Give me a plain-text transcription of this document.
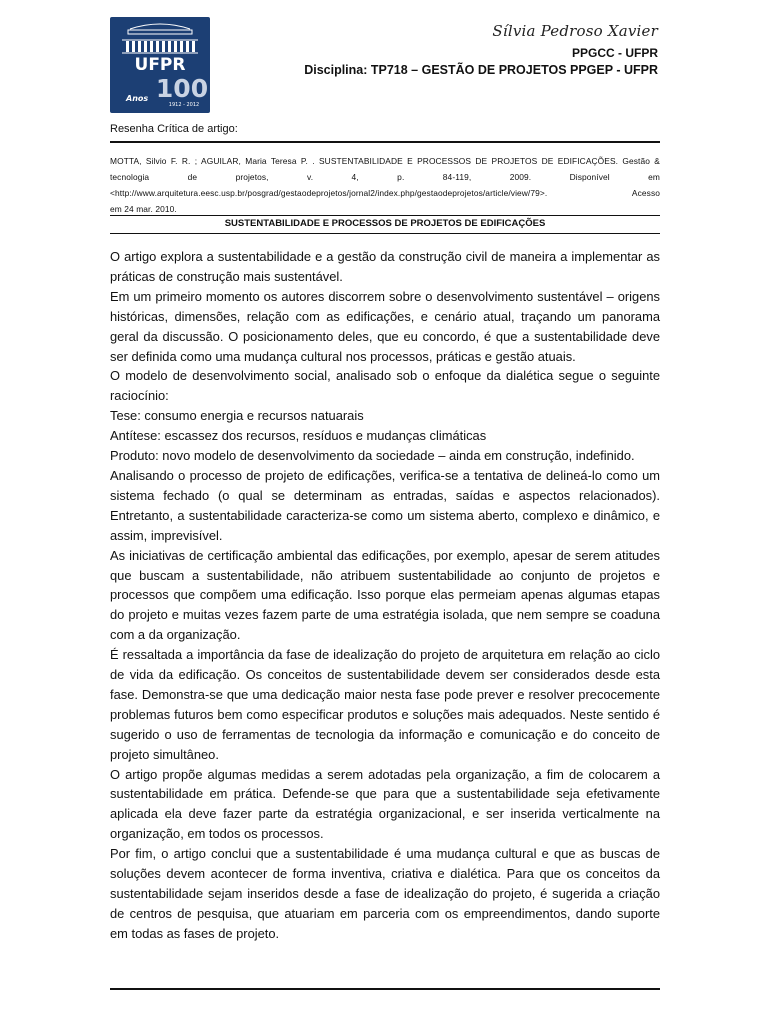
UFPR
100
Anos
1912 - 2012
Sílvia Pedroso Xavier
PPGCC - UFPR
Disciplina: TP718 – GESTÃO DE PROJETOS PPGEP - UFPR
Resenha Crítica de artigo:
MOTTA, Silvio F. R. ; AGUILAR, Maria Teresa P. . SUSTENTABILIDADE E PROCESSOS DE PROJETOS DE EDIFICAÇÕES. Gestão &
tecnologia de projetos, v. 4, p. 84-119, 2009. Disponível em
<http://www.arquitetura.eesc.usp.br/posgrad/gestaodeprojetos/jornal2/index.php/gestaodeprojetos/article/view/79>. Acesso
em 24 mar. 2010.
SUSTENTABILIDADE E PROCESSOS DE PROJETOS DE EDIFICAÇÕES

O artigo explora a sustentabilidade e a gestão da construção civil de maneira a implementar as práticas de construção mais sustentável.

Em um primeiro momento os autores discorrem sobre o desenvolvimento sustentável – origens históricas, dimensões, relação com as edificações, e cenário atual, traçando um panorama geral da discussão. O posicionamento deles, que eu concordo, é que a sustentabilidade deve ser definida como uma mudança cultural nos processos, práticas e gestão atuais.

O modelo de desenvolvimento social, analisado sob o enfoque da dialética segue o seguinte raciocínio:

Tese: consumo energia e recursos natuarais

Antítese: escassez dos recursos, resíduos e mudanças climáticas

Produto: novo modelo de desenvolvimento da sociedade – ainda em construção, indefinido.

Analisando o processo de projeto de edificações, verifica-se a tentativa de delineá-lo como um sistema fechado (o qual se determinam as entradas, saídas e aspectos relacionados). Entretanto, a sustentabilidade caracteriza-se como um sistema aberto, complexo e dinâmico, e assim, imprevisível.

As iniciativas de certificação ambiental das edificações, por exemplo, apesar de serem atitudes que buscam a sustentabilidade, não atribuem sustentabilidade ao conjunto de projetos e processos que compõem uma edificação. Isso porque elas permeiam apenas algumas etapas do projeto e muitas vezes fazem parte de uma estratégia isolada, que nem sempre se coaduna com a da organização.

É ressaltada a importância da fase de idealização do projeto de arquitetura em relação ao ciclo de vida da edificação. Os conceitos de sustentabilidade devem ser considerados desde esta fase. Demonstra-se que uma dedicação maior nesta fase pode prever e resolver precocemente problemas futuros bem como especificar produtos e soluções mais adequados. Neste sentido é sugerido o uso de ferramentas de tecnologia da informação e comunicação e do conceito de projeto simultâneo.

O artigo propõe algumas medidas a serem adotadas pela organização, a fim de colocarem a sustentabilidade em prática. Defende-se que para que a sustentabilidade seja efetivamente aplicada ela deve fazer parte da estratégia organizacional, e ser inserida verticalmente na organização, em todos os processos.

Por fim, o artigo conclui que a sustentabilidade é uma mudança cultural e que as buscas de soluções devem acontecer de forma inventiva, criativa e dialética. Para que os conceitos da sustentabilidade sejam inseridos desde a fase de idealização do projeto, é sugerida a criação de centros de pesquisa, que atuariam em parceria com os empreendimentos, dando suporte em todas as fases de projeto.
